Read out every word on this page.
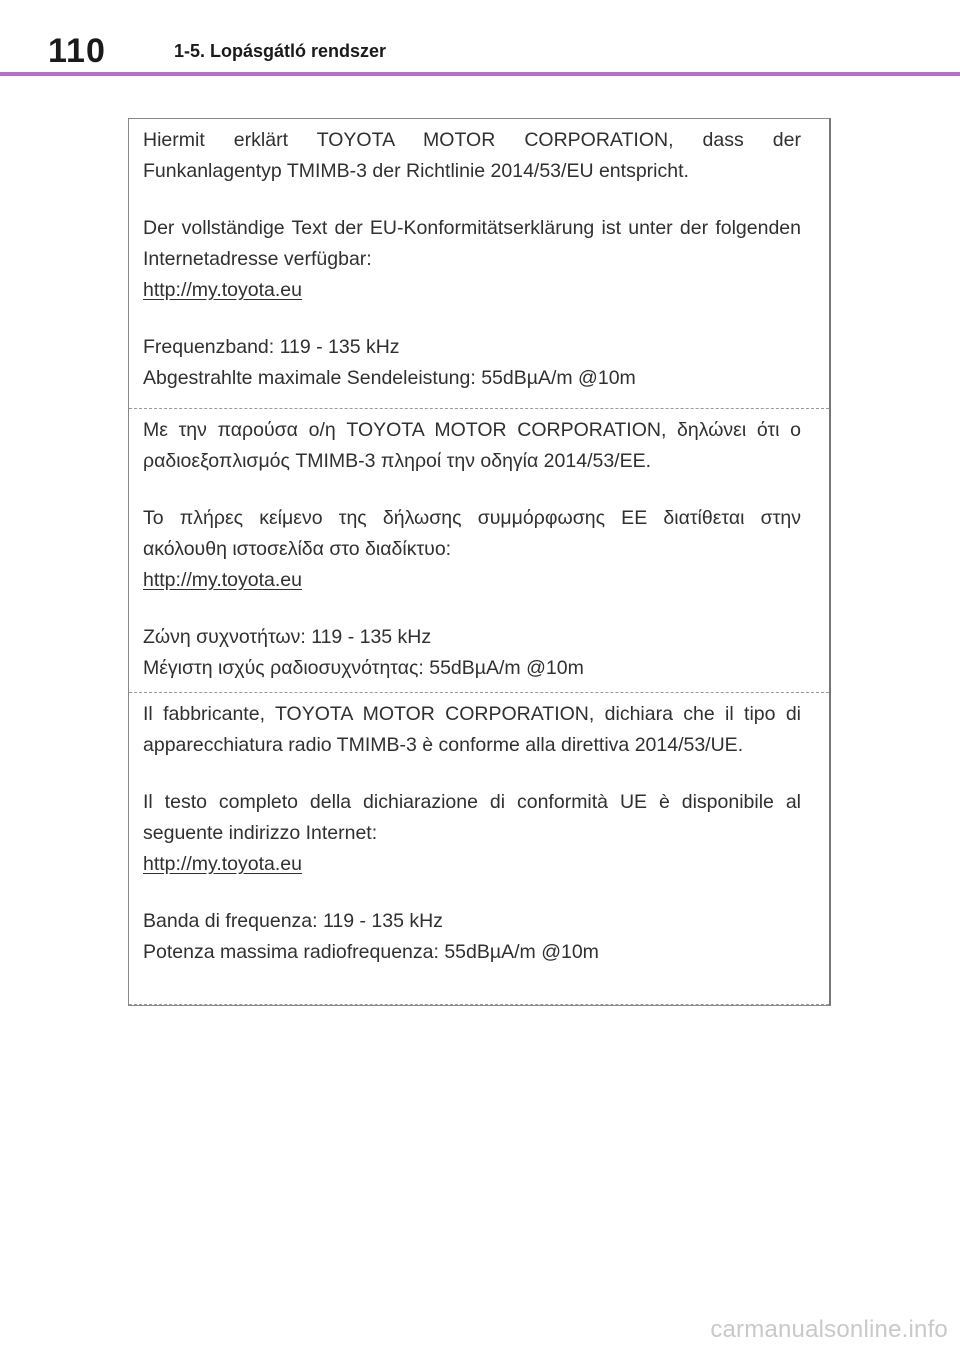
110	1-5. Lopásgátló rendszer

Hiermit erklärt TOYOTA MOTOR CORPORATION, dass der Funkanlagentyp TMIMB-3 der Richtlinie 2014/53/EU entspricht.

Der vollständige Text der EU-Konformitätserklärung ist unter der folgenden Internetadresse verfügbar:

http://my.toyota.eu

Frequenzband: 119 - 135 kHz

Abgestrahlte maximale Sendeleistung: 55dBµA/m @10m

Με την παρούσα ο/η TOYOTA MOTOR CORPORATION, δηλώνει ότι ο ραδιοεξοπλισμός TMIMB-3 πληροί την οδηγία 2014/53/ΕΕ.

Το πλήρες κείμενο της δήλωσης συμμόρφωσης ΕΕ διατίθεται στην ακόλουθη ιστοσελίδα στο διαδίκτυο:

http://my.toyota.eu

Ζώνη συχνοτήτων: 119 - 135 kHz

Μέγιστη ισχύς ραδιοσυχνότητας: 55dBµA/m @10m

Il fabbricante, TOYOTA MOTOR CORPORATION, dichiara che il tipo di apparecchiatura radio TMIMB-3 è conforme alla direttiva 2014/53/UE.

Il testo completo della dichiarazione di conformità UE è disponibile al seguente indirizzo Internet:

http://my.toyota.eu

Banda di frequenza: 119 - 135 kHz

Potenza massima radiofrequenza: 55dBµA/m @10m

carmanualsonline.info
